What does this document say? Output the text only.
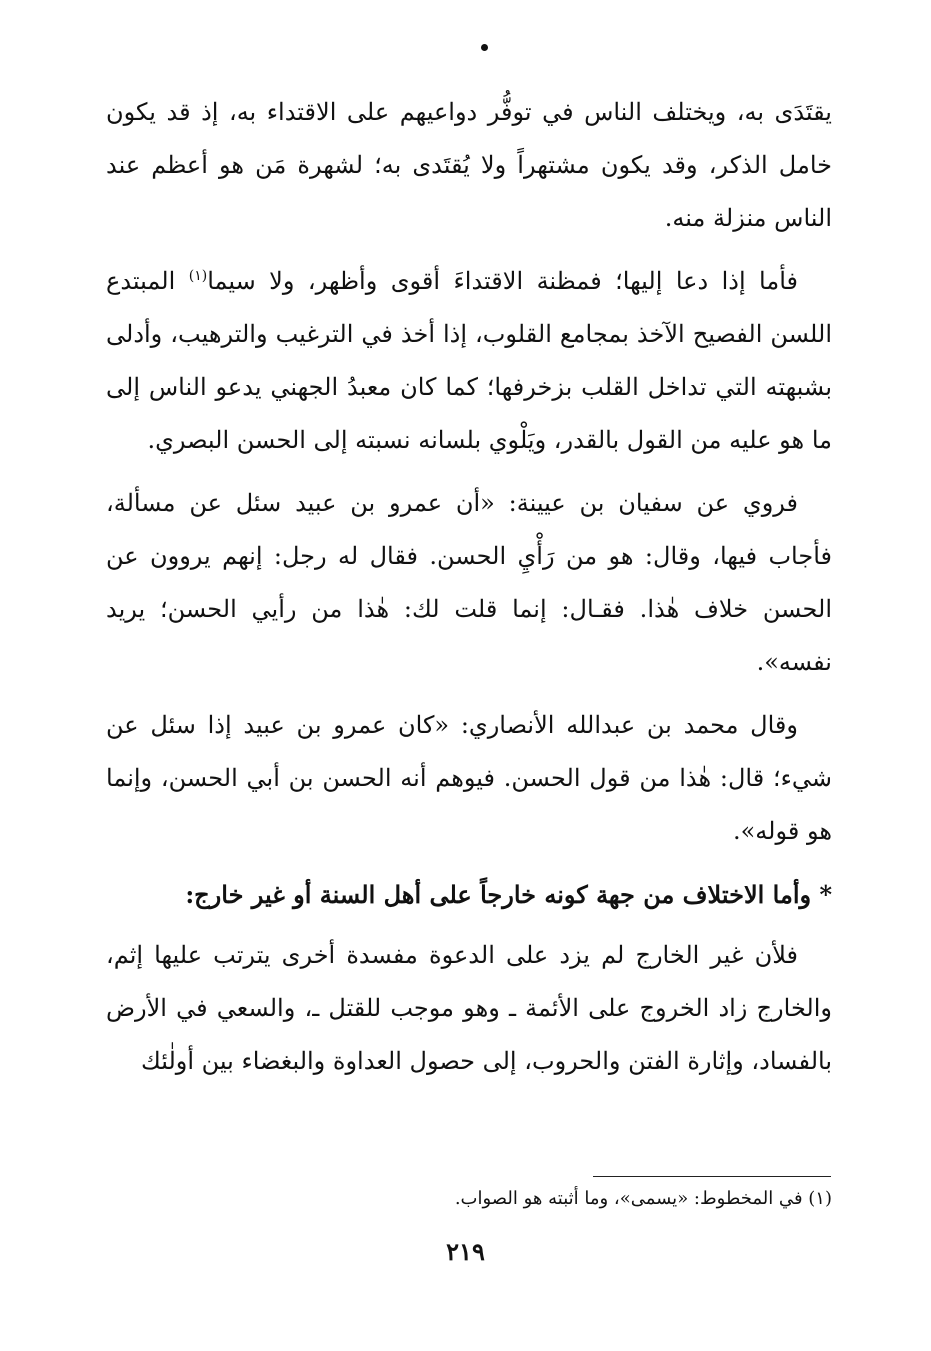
يقتَدَى به، ويختلف الناس في توفُّر دواعيهم على الاقتداء به، إذ قد يكون خامل الذكر، وقد يكون مشتهراً ولا يُقتَدى به؛ لشهرة مَن هو أعظم عند الناس منزلة منه.

فأما إذا دعا إليها؛ فمظنة الاقتداءَ أقوى وأظهر، ولا سيما$^{(١)}$ المبتدع اللسن الفصيح الآخذ بمجامع القلوب، إذا أخذ في الترغيب والترهيب، وأدلى بشبهته التي تداخل القلب بزخرفها؛ كما كان معبدُ الجهني يدعو الناس إلى ما هو عليه من القول بالقدر، ويَلْوي بلسانه نسبته إلى الحسن البصري.

فروي عن سفيان بن عيينة: «أن عمرو بن عبيد سئل عن مسألة، فأجاب فيها، وقال: هو من رَأْيِ الحسن. فقال له رجل: إنهم يروون عن الحسن خلاف هٰذا. فقـال: إنما قلت لك: هٰذا من رأيي الحسن؛ يريد نفسه».

وقال محمد بن عبدالله الأنصاري: «كان عمرو بن عبيد إذا سئل عن شيء؛ قال: هٰذا من قول الحسن. فيوهم أنه الحسن بن أبي الحسن، وإنما هو قوله».

* وأما الاختلاف من جهة كونه خارجاً على أهل السنة أو غير خارج:

فلأن غير الخارج لم يزد على الدعوة مفسدة أخرى يترتب عليها إثم، والخارج زاد الخروج على الأئمة ـ وهو موجب للقتل ـ، والسعي في الأرض بالفساد، وإثارة الفتن والحروب، إلى حصول العداوة والبغضاء بين أولٰئك

(١) في المخطوط: «يسمى»، وما أثبته هو الصواب.
٢١٩
